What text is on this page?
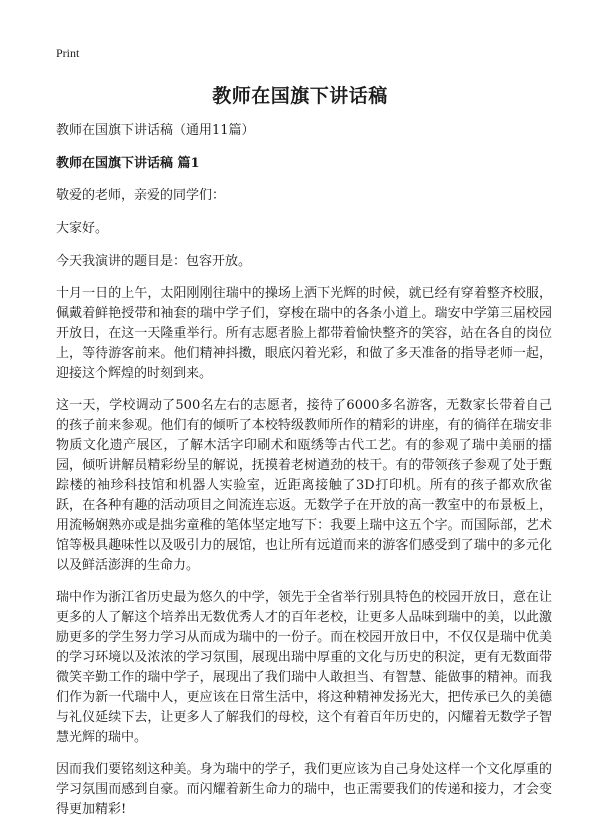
Print
教师在国旗下讲话稿

教师在国旗下讲话稿（通用11篇）

教师在国旗下讲话稿 篇1

敬爱的老师，亲爱的同学们：

大家好。

今天我演讲的题目是：包容开放。

十月一日的上午，太阳刚刚往瑞中的操场上洒下光辉的时候，就已经有穿着整齐校服，佩戴着鲜艳授带和袖套的瑞中学子们，穿梭在瑞中的各条小道上。瑞安中学第三届校园开放日，在这一天隆重举行。所有志愿者脸上都带着愉快整齐的笑容，站在各自的岗位上，等待游客前来。他们精神抖擞，眼底闪着光彩，和做了多天准备的指导老师一起，迎接这个辉煌的时刻到来。

这一天，学校调动了500名左右的志愿者，接待了6000多名游客，无数家长带着自己的孩子前来参观。他们有的倾听了本校特级教师所作的精彩的讲座，有的徜徉在瑞安非物质文化遗产展区，了解木活字印刷术和瓯绣等古代工艺。有的参观了瑞中美丽的擂园，倾听讲解员精彩纷呈的解说，抚摸着老树遒劲的枝干。有的带领孩子参观了处于甄踪楼的袖珍科技馆和机器人实验室，近距离接触了3D打印机。所有的孩子都欢欣雀跃，在各种有趣的活动项目之间流连忘返。无数学子在开放的高一教室中的布景板上，用流畅娴熟亦或是拙劣童稚的笔体坚定地写下：我要上瑞中这五个字。而国际部，艺术馆等极具趣味性以及吸引力的展馆，也让所有远道而来的游客们感受到了瑞中的多元化以及鲜活澎湃的生命力。

瑞中作为浙江省历史最为悠久的中学，领先于全省举行别具特色的校园开放日，意在让更多的人了解这个培养出无数优秀人才的百年老校，让更多人品味到瑞中的美，以此激励更多的学生努力学习从而成为瑞中的一份子。而在校园开放日中，不仅仅是瑞中优美的学习环境以及浓浓的学习氛围，展现出瑞中厚重的文化与历史的积淀，更有无数面带微笑辛勤工作的瑞中学子，展现出了我们瑞中人敢担当、有智慧、能做事的精神。而我们作为新一代瑞中人，更应该在日常生活中，将这种精神发扬光大，把传承已久的美德与礼仪延续下去，让更多人了解我们的母校，这个有着百年历史的，闪耀着无数学子智慧光辉的瑞中。

因而我们要铭刻这种美。身为瑞中的学子，我们更应该为自己身处这样一个文化厚重的学习氛围而感到自豪。而闪耀着新生命力的瑞中，也正需要我们的传递和接力，才会变得更加精彩!
